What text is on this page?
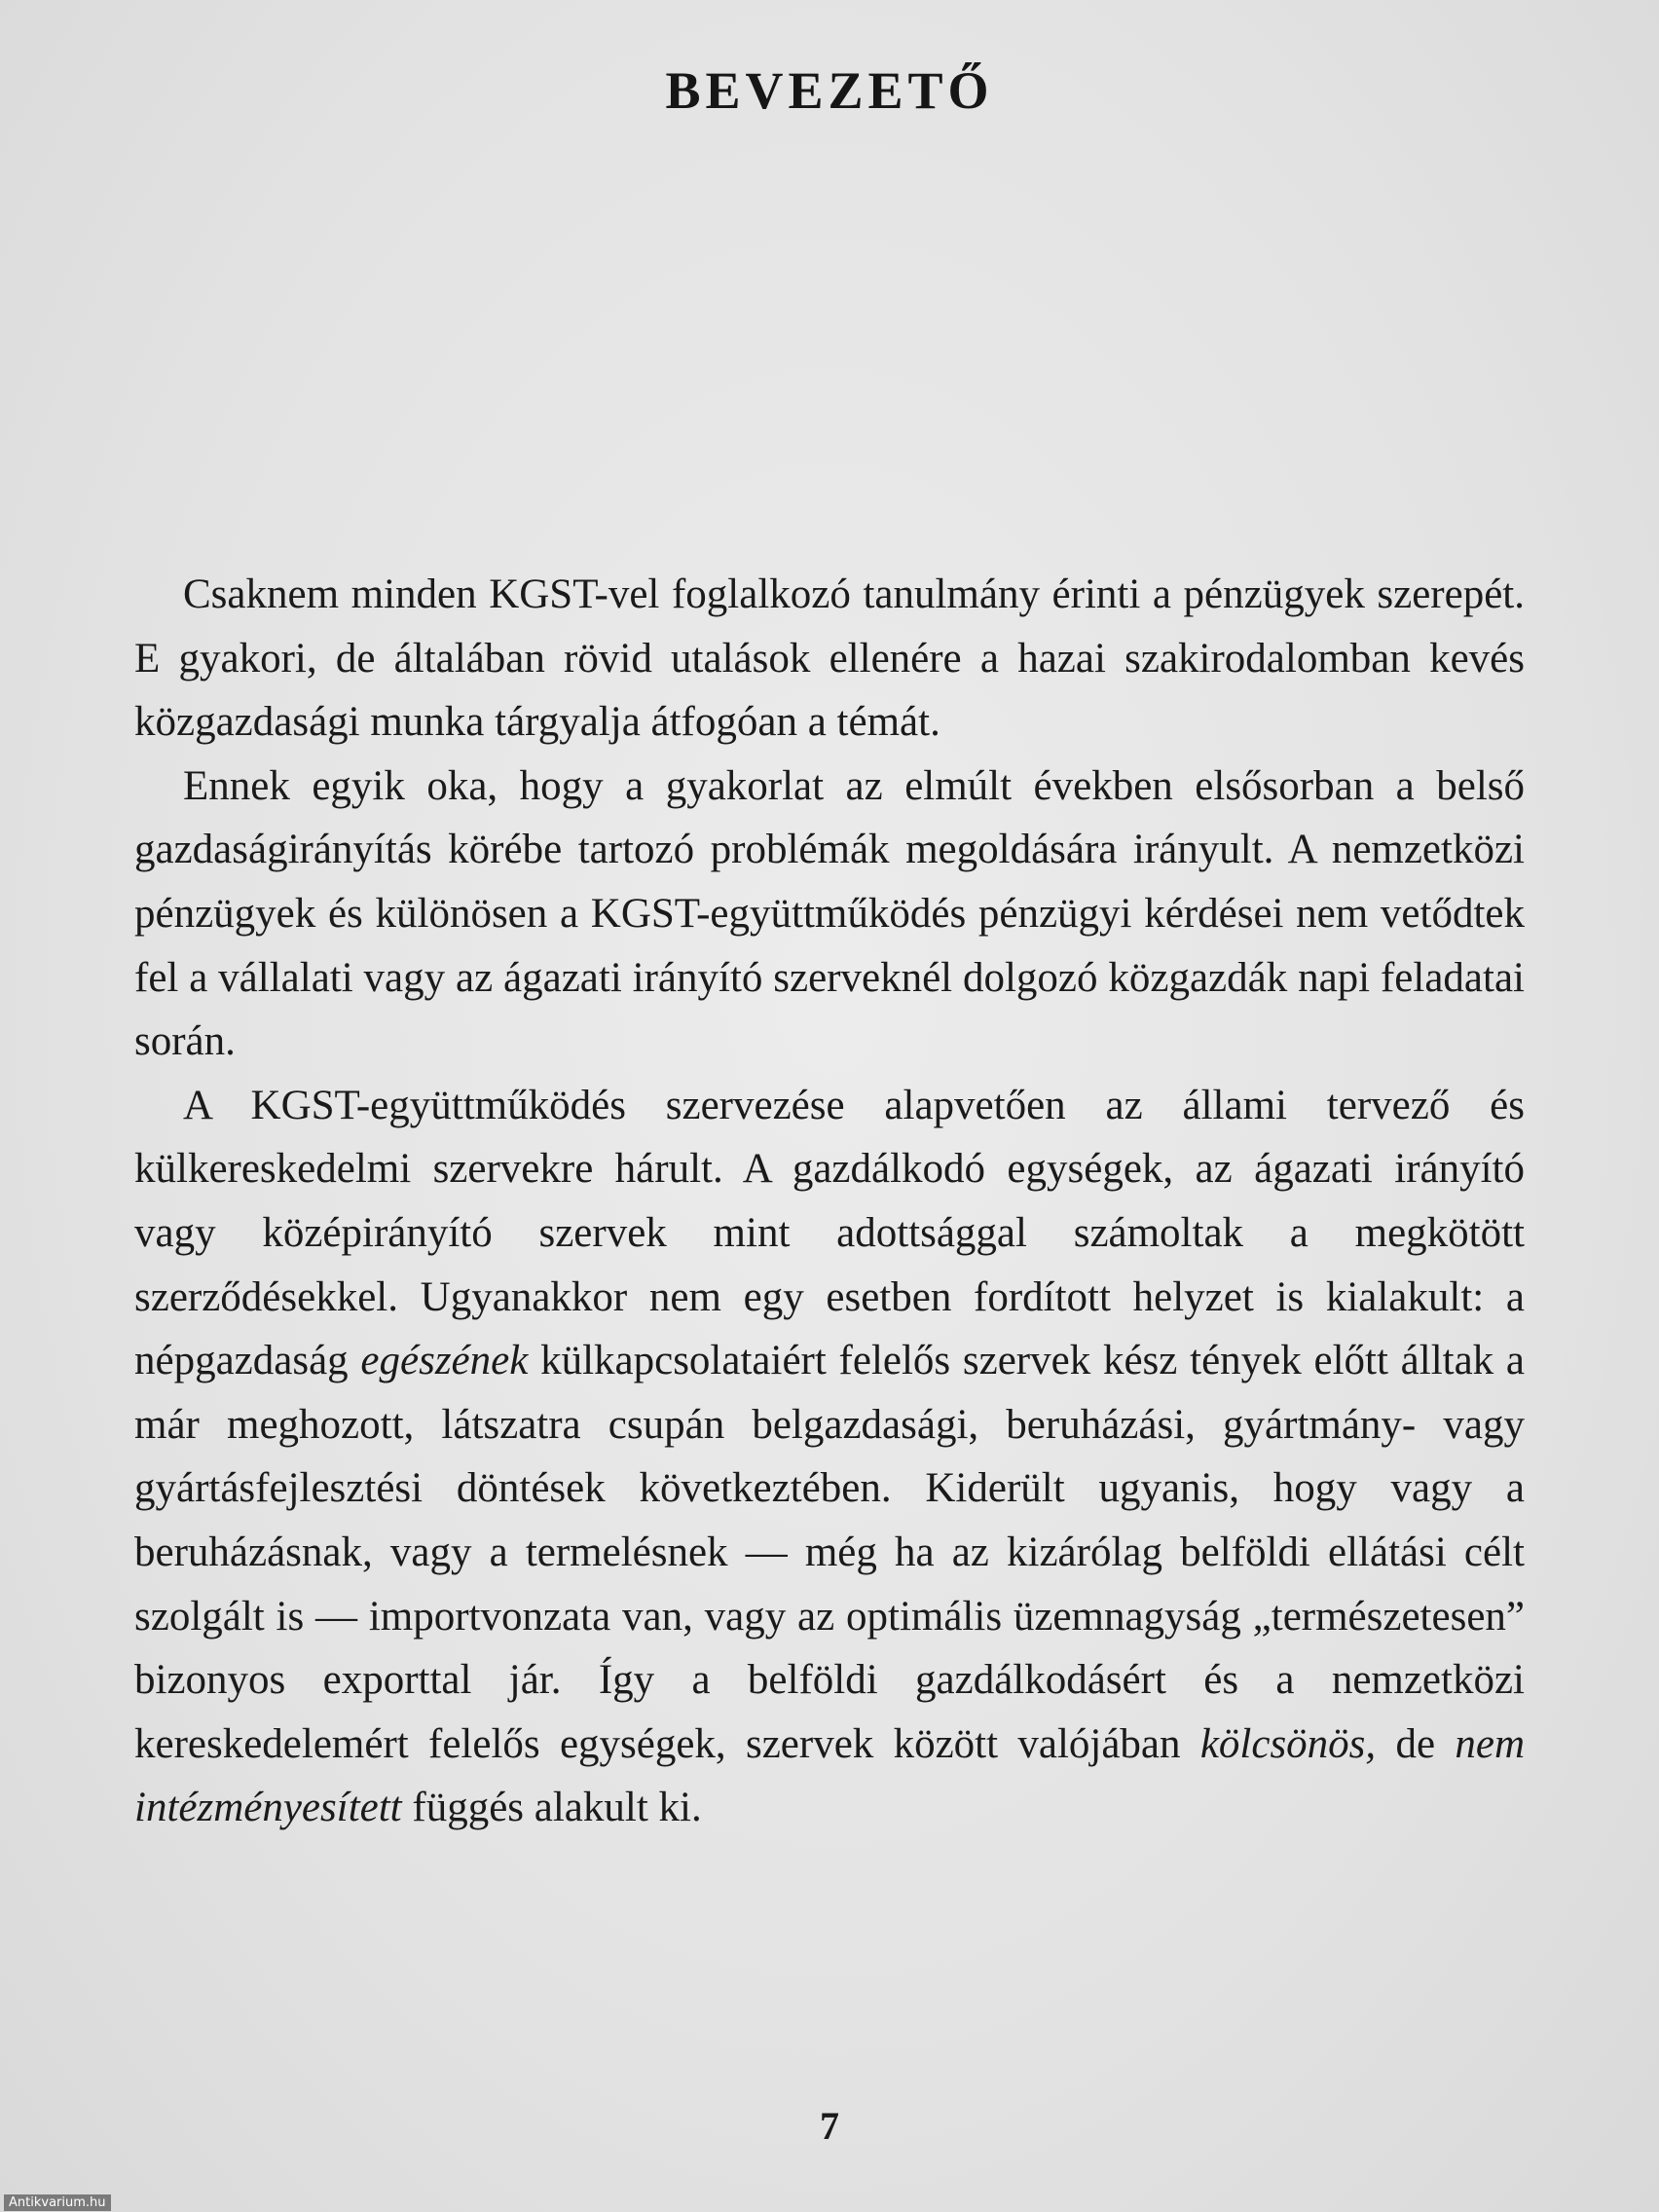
BEVEZETŐ

Csaknem minden KGST-vel foglalkozó tanulmány érinti a pénzügyek szerepét. E gyakori, de általában rövid utalások ellenére a hazai szakirodalomban kevés közgazdasági munka tárgyalja átfogóan a témát.

Ennek egyik oka, hogy a gyakorlat az elmúlt években elsősorban a belső gazdaságirányítás körébe tartozó problémák megoldására irányult. A nemzetközi pénzügyek és különösen a KGST-együttműködés pénzügyi kérdései nem vetődtek fel a vállalati vagy az ágazati irányító szerveknél dolgozó közgazdák napi feladatai során.

A KGST-együttműködés szervezése alapvetően az állami tervező és külkereskedelmi szervekre hárult. A gazdálkodó egységek, az ágazati irányító vagy középirányító szervek mint adottsággal számoltak a megkötött szerződésekkel. Ugyanakkor nem egy esetben fordított helyzet is kialakult: a népgazdaság egészének külkapcsolataiért felelős szervek kész tények előtt álltak a már meghozott, látszatra csupán belgazdasági, beruházási, gyártmány- vagy gyártásfejlesztési döntések következtében. Kiderült ugyanis, hogy vagy a beruházásnak, vagy a termelésnek — még ha az kizárólag belföldi ellátási célt szolgált is — importvonzata van, vagy az optimális üzemnagyság „természetesen” bizonyos exporttal jár. Így a belföldi gazdálkodásért és a nemzetközi kereskedelemért felelős egységek, szervek között valójában kölcsönös, de nem intézményesített függés alakult ki.

7

Antikvarium.hu
